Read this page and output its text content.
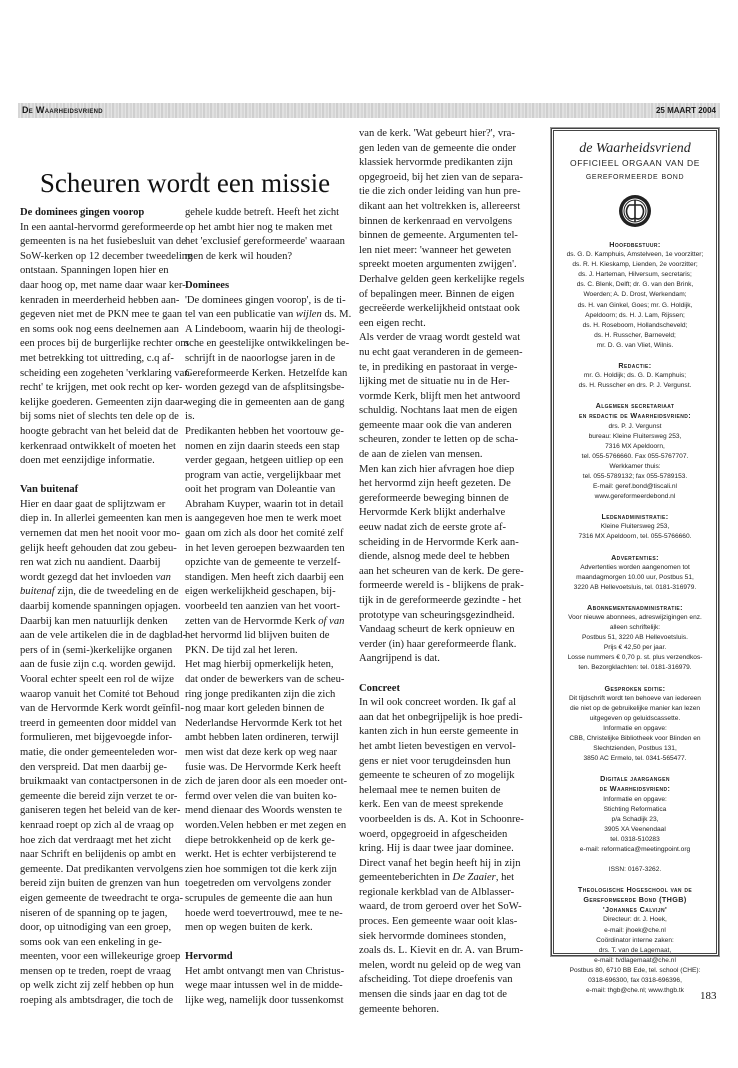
De Waarheidsvriend	25 MAART 2004
Scheuren wordt een missie
De dominees gingen voorop
In een aantal-hervormd gereformeerde
gemeenten is na het fusiebesluit van de
SoW-kerken op 12 december tweedeling
ontstaan. Spanningen lopen hier en
daar hoog op, met name daar waar ker-
kenraden in meerderheid hebben aan-
gegeven niet met de PKN mee te gaan
en soms ook nog eens deelnemen aan
een proces bij de burgerlijke rechter om
met betrekking tot uittreding, c.q af-
scheiding een zogeheten 'verklaring van
recht' te krijgen, met ook recht op ker-
kelijke goederen. Gemeenten zijn daar-
bij soms niet of slechts ten dele op de
hoogte gebracht van het beleid dat de
kerkenraad ontwikkelt of moeten het
doen met eenzijdige informatie.
Van buitenaf
Hier en daar gaat de splijtzwam er
diep in. In allerlei gemeenten kan men
vernemen dat men het nooit voor mo-
gelijk heeft gehouden dat zou gebeu-
ren wat zich nu aandient. Daarbij
wordt gezegd dat het invloeden van
buitenaf zijn, die de tweedeling en de
daarbij komende spanningen opjagen.
Daarbij kan men natuurlijk denken
aan de vele artikelen die in de dagblad-
pers of in (semi-)kerkelijke organen
aan de fusie zijn c.q. worden gewijd.
Vooral echter speelt een rol de wijze
waarop vanuit het Comité tot Behoud
van de Hervormde Kerk wordt geïnfil-
treerd in gemeenten door middel van
formulieren, met bijgevoegde infor-
matie, die onder gemeenteleden wor-
den verspreid. Dat men daarbij ge-
bruikmaakt van contactpersonen in de
gemeente die bereid zijn verzet te or-
ganiseren tegen het beleid van de ker-
kenraad roept op zich al de vraag op
hoe zich dat verdraagt met het zicht
naar Schrift en belijdenis op ambt en
gemeente. Dat predikanten vervolgens
bereid zijn buiten de grenzen van hun
eigen gemeente de tweedracht te orga-
niseren of de spanning op te jagen,
door, op uitnodiging van een groep,
soms ook van een enkeling in ge-
meenten, voor een willekeurige groep
mensen op te treden, roept de vraag
op welk zicht zij zelf hebben op hun
roeping als ambtsdrager, die toch de
gehele kudde betreft. Heeft het zicht
op het ambt hier nog te maken met
het 'exclusief gereformeerde' waaraan
men de kerk wil houden?
Dominees
'De dominees gingen voorop', is de ti-
tel van een publicatie van wijlen ds. M.
A Lindeboom, waarin hij de theologi-
sche en geestelijke ontwikkelingen be-
schrijft in de naoorlogse jaren in de
Gereformeerde Kerken. Hetzelfde kan
worden gezegd van de afsplitsingsbe-
weging die in gemeenten aan de gang
is.
Predikanten hebben het voortouw ge-
nomen en zijn daarin steeds een stap
verder gegaan, hetgeen uitliep op een
program van actie, vergelijkbaar met
ooit het program van Doleantie van
Abraham Kuyper, waarin tot in detail
is aangegeven hoe men te werk moet
gaan om zich als door het comité zelf
in het leven geroepen bezwaarden ten
opzichte van de gemeente te verzelf-
standigen. Men heeft zich daarbij een
eigen werkelijkheid geschapen, bij-
voorbeeld ten aanzien van het voort-
zetten van de Hervormde Kerk of van
het hervormd lid blijven buiten de
PKN. De tijd zal het leren.
Het mag hierbij opmerkelijk heten,
dat onder de bewerkers van de scheu-
ring jonge predikanten zijn die zich
nog maar kort geleden binnen de
Nederlandse Hervormde Kerk tot het
ambt hebben laten ordineren, terwijl
men wist dat deze kerk op weg naar
fusie was. De Hervormde Kerk heeft
zich de jaren door als een moeder ont-
fermd over velen die van buiten ko-
mend dienaar des Woords wensten te
worden.Velen hebben er met zegen en
diepe betrokkenheid op de kerk ge-
werkt. Het is echter verbijsterend te
zien hoe sommigen tot die kerk zijn
toegetreden om vervolgens zonder
scrupules de gemeente die aan hun
hoede werd toevertrouwd, mee te ne-
men op wegen buiten de kerk.
Hervormd
Het ambt ontvangt men van Christus-
wege maar intussen wel in de midde-
lijke weg, namelijk door tussenkomst
van de kerk. 'Wat gebeurt hier?', vra-
gen leden van de gemeente die onder
klassiek hervormde predikanten zijn
opgegroeid, bij het zien van de separa-
tie die zich onder leiding van hun pre-
dikant aan het voltrekken is, allereerst
binnen de kerkenraad en vervolgens
binnen de gemeente. Argumenten tel-
len niet meer: 'wanneer het geweten
spreekt moeten argumenten zwijgen'.
Derhalve gelden geen kerkelijke regels
of bepalingen meer. Binnen de eigen
gecreëerde werkelijkheid ontstaat ook
een eigen recht.
Als verder de vraag wordt gesteld wat
nu echt gaat veranderen in de gemeen-
te, in prediking en pastoraat in verge-
lijking met de situatie nu in de Her-
vormde Kerk, blijft men het antwoord
schuldig. Nochtans laat men de eigen
gemeente maar ook die van anderen
scheuren, zonder te letten op de scha-
de aan de zielen van mensen.
Men kan zich hier afvragen hoe diep
het hervormd zijn heeft gezeten. De
gereformeerde beweging binnen de
Hervormde Kerk blijkt anderhalve
eeuw nadat zich de eerste grote af-
scheiding in de Hervormde Kerk aan-
diende, alsnog mede deel te hebben
aan het scheuren van de kerk. De gere-
formeerde wereld is - blijkens de prak-
tijk in de gereformeerde gezindte - het
prototype van scheuringsgezindheid.
Vandaag scheurt de kerk opnieuw en
verder (in) haar gereformeerde flank.
Aangrijpend is dat.
Concreet
In wil ook concreet worden. Ik gaf al
aan dat het onbegrijpelijk is hoe predi-
kanten zich in hun eerste gemeente in
het ambt lieten bevestigen en vervol-
gens er niet voor terugdeinsden hun
gemeente te scheuren of zo mogelijk
helemaal mee te nemen buiten de
kerk. Een van de meest sprekende
voorbeelden is ds. A. Kot in Schoonre-
woerd, opgegroeid in afgescheiden
kring. Hij is daar twee jaar dominee.
Direct vanaf het begin heeft hij in zijn
gemeenteberichten in De Zaaier, het
regionale kerkblad van de Alblasser-
waard, de trom geroerd over het SoW-
proces. Een gemeente waar ooit klas-
siek hervormde dominees stonden,
zoals ds. L. Kievit en dr. A. van Brum-
melen, wordt nu geleid op de weg van
afscheiding. Tot diepe droefenis van
mensen die sinds jaar en dag tot de
gemeente behoren.
de Waarheidsvriend
OFFICIEEL ORGAAN VAN DE
gereformeerde bond
Hoofdbestuur:
ds. G. D. Kamphuis, Amstelveen, 1e voorzitter;
ds. R. H. Kieskamp, Lienden, 2e voorzitter;
ds. J. Harteman, Hilversum, secretaris;
ds. C. Blenk, Delft; dr. G. van den Brink,
Woerden; A. D. Drost, Werkendam;
ds. H. van Ginkel, Goes; mr. G. Holdijk,
Apeldoorn; ds. H. J. Lam, Rijssen;
ds. H. Roseboom, Hollandscheveld;
ds. H. Russcher, Barneveld;
mr. D. G. van Vliet, Wilnis.
Redactie:
mr. G. Holdijk; ds. G. D. Kamphuis;
ds. H. Russcher en drs. P. J. Vergunst.
Algemeen secretariaat
en redactie de Waarheidsvriend:
drs. P. J. Vergunst
bureau: Kleine Fluitersweg 253,
7316 MX Apeldoorn,
tel. 055-5766660. Fax 055-5767707.
Werkkamer thuis:
tel. 055-5789132; fax 055-5789153.
E-mail: geref.bond@tiscali.nl
www.gereformeerdebond.nl
Ledenadministratie:
Kleine Fluitersweg 253,
7316 MX Apeldoorn, tel. 055-5766660.
Advertenties:
Advertenties worden aangenomen tot
maandagmorgen 10.00 uur, Postbus 51,
3220 AB Hellevoetsluis, tel. 0181-316979.
Abonnementenadministratie:
Voor nieuwe abonnees, adreswijzigingen enz.
alleen schriftelijk:
Postbus 51, 3220 AB Hellevoetsluis.
Prijs € 42,50 per jaar.
Losse nummers € 0,70 p. st. plus verzendkos-
ten. Bezorgklachten: tel. 0181-316979.
Gesproken editie:
Dit tijdschrift wordt ten behoeve van iedereen
die niet op de gebruikelijke manier kan lezen
uitgegeven op geluidscassette.
Informatie en opgave:
CBB, Christelijke Bibliotheek voor Blinden en
Slechtzienden, Postbus 131,
3850 AC Ermelo, tel. 0341-565477.
Digitale jaargangen
de Waarheidsvriend:
Informatie en opgave:
Stichting Reformatica
p/a Schadijk 23,
3905 XA Veenendaal
tel. 0318-510283
e-mail: reformatica@meetingpoint.org
ISSN: 0167-3262.
Theologische Hogeschool van de
Gereformeerde Bond (THGB)
'Johannes Calvijn'
Directeur: dr. J. Hoek,
e-mail: jhoek@che.nl
Coördinator interne zaken:
drs. T. van de Lagemaat,
e-mail: tvdlagemaat@che.nl
Postbus 80, 6710 BB Ede, tel. school (CHE):
0318-696300, fax 0318-696396,
e-mail: thgb@che.nl; www.thgb.tk	183
